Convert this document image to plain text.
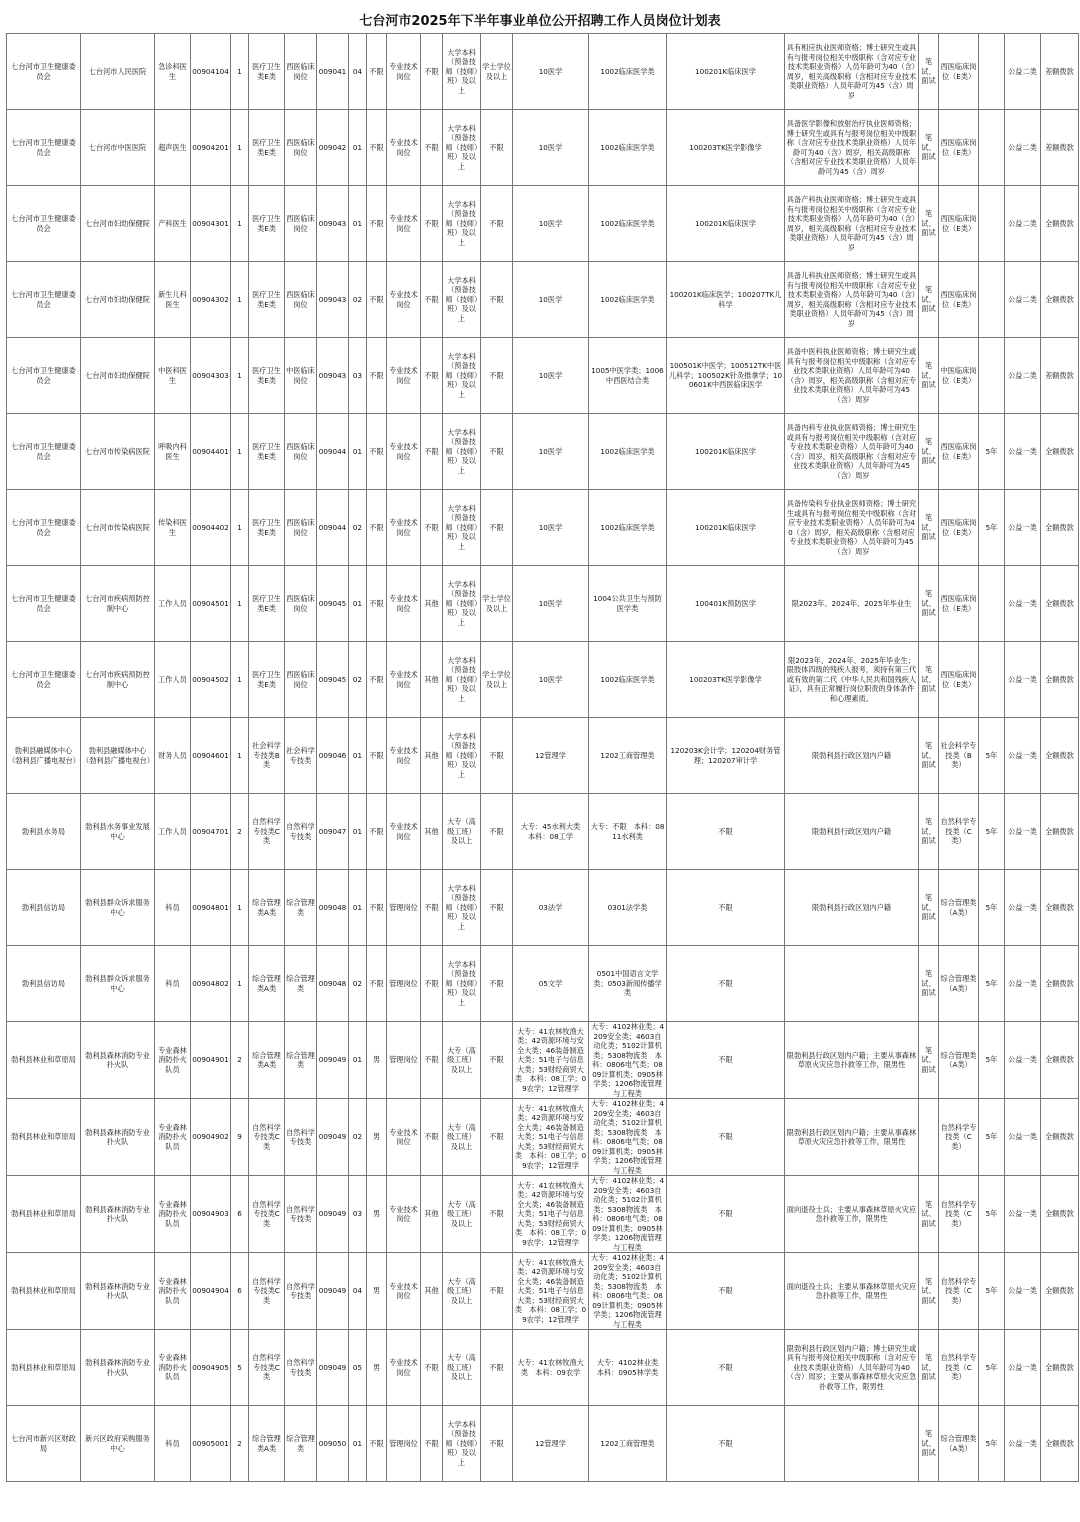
七台河市2025年下半年事业单位公开招聘工作人员岗位计划表
七台河市卫生健康委员会	七台河市人民医院	急诊科医生	00904104	1	医疗卫生类E类	西医临床岗位	009041	04	不限	专业技术岗位	不限	大学本科（预备技师（技师）班）及以上	学士学位及以上	10医学	1002临床医学类	100201K临床医学	具有相应执业医师资格；博士研究生或具有与报考岗位相关中级职称（含对应专业技术类职业资格）人员年龄可为40（含）周岁，相关高级职称（含相对应专业技术类职业资格）人员年龄可为45（含）周岁	笔试、面试	西医临床岗位（E类）		公益二类	差额拨款
七台河市卫生健康委员会	七台河市中医医院	超声医生	00904201	1	医疗卫生类E类	西医临床岗位	009042	01	不限	专业技术岗位	不限	大学本科（预备技师（技师）班）及以上	不限	10医学	1002临床医学类	100203TK医学影像学	具备医学影像和放射治疗执业医师资格；博士研究生或具有与报考岗位相关中级职称（含对应专业技术类职业资格）人员年龄可为40（含）周岁，相关高级职称（含相对应专业技术类职业资格）人员年龄可为45（含）周岁	笔试、面试	西医临床岗位（E类）		公益二类	差额拨款
七台河市卫生健康委员会	七台河市妇幼保健院	产科医生	00904301	1	医疗卫生类E类	西医临床岗位	009043	01	不限	专业技术岗位	不限	大学本科（预备技师（技师）班）及以上	不限	10医学	1002临床医学类	100201K临床医学	具备产科执业医师资格；博士研究生或具有与报考岗位相关中级职称（含对应专业技术类职业资格）人员年龄可为40（含）周岁，相关高级职称（含相对应专业技术类职业资格）人员年龄可为45（含）周岁	笔试、面试	西医临床岗位（E类）		公益二类	全额拨款
七台河市卫生健康委员会	七台河市妇幼保健院	新生儿科医生	00904302	1	医疗卫生类E类	西医临床岗位	009043	02	不限	专业技术岗位	不限	大学本科（预备技师（技师）班）及以上	不限	10医学	1002临床医学类	100201K临床医学；100207TK儿科学	具备儿科执业医师资格；博士研究生或具有与报考岗位相关中级职称（含对应专业技术类职业资格）人员年龄可为40（含）周岁，相关高级职称（含相对应专业技术类职业资格）人员年龄可为45（含）周岁	笔试、面试	西医临床岗位（E类）		公益二类	全额拨款
七台河市卫生健康委员会	七台河市妇幼保健院	中医科医生	00904303	1	医疗卫生类E类	中医临床岗位	009043	03	不限	专业技术岗位	不限	大学本科（预备技师（技师）班）及以上	不限	10医学	1005中医学类；1006中西医结合类	100501K中医学；100512TK中医儿科学；100502K针灸推拿学；100601K中西医临床医学	具备中医科执业医师资格；博士研究生或具有与报考岗位相关中级职称（含对应专业技术类职业资格）人员年龄可为40（含）周岁，相关高级职称（含相对应专业技术类职业资格）人员年龄可为45（含）周岁	笔试、面试	中医临床岗位（E类）		公益二类	差额拨款
七台河市卫生健康委员会	七台河市传染病医院	呼吸内科医生	00904401	1	医疗卫生类E类	西医临床岗位	009044	01	不限	专业技术岗位	不限	大学本科（预备技师（技师）班）及以上	不限	10医学	1002临床医学类	100201K临床医学	具备内科专业执业医师资格；博士研究生或具有与报考岗位相关中级职称（含对应专业技术类职业资格）人员年龄可为40（含）周岁，相关高级职称（含相对应专业技术类职业资格）人员年龄可为45（含）周岁	笔试、面试	西医临床岗位（E类）	5年	公益一类	全额拨款
七台河市卫生健康委员会	七台河市传染病医院	传染科医生	00904402	1	医疗卫生类E类	西医临床岗位	009044	02	不限	专业技术岗位	不限	大学本科（预备技师（技师）班）及以上	不限	10医学	1002临床医学类	100201K临床医学	具备传染科专业执业医师资格；博士研究生或具有与报考岗位相关中级职称（含对应专业技术类职业资格）人员年龄可为40（含）周岁，相关高级职称（含相对应专业技术类职业资格）人员年龄可为45（含）周岁	笔试、面试	西医临床岗位（E类）	5年	公益一类	全额拨款
七台河市卫生健康委员会	七台河市疾病预防控制中心	工作人员	00904501	1	医疗卫生类E类	西医临床岗位	009045	01	不限	专业技术岗位	其他	大学本科（预备技师（技师）班）及以上	学士学位及以上	10医学	1004公共卫生与预防医学类	100401K预防医学	限2023年、2024年、2025年毕业生	笔试、面试	西医临床岗位（E类）		公益一类	全额拨款
七台河市卫生健康委员会	七台河市疾病预防控制中心	工作人员	00904502	1	医疗卫生类E类	西医临床岗位	009045	02	不限	专业技术岗位	其他	大学本科（预备技师（技师）班）及以上	学士学位及以上	10医学	1002临床医学类	100203TK医学影像学	限2023年、2024年、2025年毕业生；限肢体四级的残疾人报考，须持有第三代或有效的第二代《中华人民共和国残疾人证》，具有正常履行岗位职责的身体条件和心理素质。	笔试、面试	西医临床岗位（E类）		公益一类	全额拨款
勃利县融媒体中心（勃利县广播电视台）	勃利县融媒体中心（勃利县广播电视台）	财务人员	00904601	1	社会科学专技类B类	社会科学专技类	009046	01	不限	专业技术岗位	其他	大学本科（预备技师（技师）班）及以上	不限	12管理学	1202工商管理类	120203K会计学；120204财务管理；120207审计学	限勃利县行政区划内户籍	笔试、面试	社会科学专技类（B类）	5年	公益一类	全额拨款
勃利县水务局	勃利县水务事业发展中心	工作人员	00904701	2	自然科学专技类C类	自然科学专技类	009047	01	不限	专业技术岗位	其他	大专（高级工班）及以上	不限	大专：45水利大类　本科：08工学	大专：不限　本科：0811水利类	不限	限勃利县行政区划内户籍	笔试、面试	自然科学专技类（C类）	5年	公益一类	全额拨款
勃利县信访局	勃利县群众诉求服务中心	科员	00904801	1	综合管理类A类	综合管理类	009048	01	不限	管理岗位	不限	大学本科（预备技师（技师）班）及以上	不限	03法学	0301法学类	不限	限勃利县行政区划内户籍	笔试、面试	综合管理类（A类）	5年	公益一类	全额拨款
勃利县信访局	勃利县群众诉求服务中心	科员	00904802	1	综合管理类A类	综合管理类	009048	02	不限	管理岗位	不限	大学本科（预备技师（技师）班）及以上	不限	05文学	0501中国语言文学类；0503新闻传播学类	不限		笔试、面试	综合管理类（A类）	5年	公益一类	全额拨款
勃利县林业和草原局	勃利县森林消防专业扑火队	专业森林消防扑火队员	00904901	2	综合管理类A类	综合管理类	009049	01	男	管理岗位	不限	大专（高级工班）及以上	不限	大专：41农林牧渔大类；42资源环境与安全大类；46装备制造大类；51电子与信息大类；53财经商贸大类　本科：08工学；09农学；12管理学	大专：4102林业类；4209安全类；4603自动化类；5102计算机类；5308物流类　本科：0806电气类；0809计算机类；0905林学类；1206物流管理与工程类	不限	限勃利县行政区划内户籍；主要从事森林草原火灾应急扑救等工作，限男性	笔试、面试	综合管理类（A类）	5年	公益一类	全额拨款
勃利县林业和草原局	勃利县森林消防专业扑火队	专业森林消防扑火队员	00904902	9	自然科学专技类C类	自然科学专技类	009049	02	男	专业技术岗位	不限	大专（高级工班）及以上	不限	大专：41农林牧渔大类；42资源环境与安全大类；46装备制造大类；51电子与信息大类；53财经商贸大类　本科：08工学；09农学；12管理学	大专：4102林业类；4209安全类；4603自动化类；5102计算机类；5308物流类　本科：0806电气类；0809计算机类；0905林学类；1206物流管理与工程类	不限	限勃利县行政区划内户籍；主要从事森林草原火灾应急扑救等工作，限男性		自然科学专技类（C类）	5年	公益一类	全额拨款
勃利县林业和草原局	勃利县森林消防专业扑火队	专业森林消防扑火队员	00904903	6	自然科学专技类C类	自然科学专技类	009049	03	男	专业技术岗位	其他	大专（高级工班）及以上	不限	大专：41农林牧渔大类；42资源环境与安全大类；46装备制造大类；51电子与信息大类；53财经商贸大类　本科：08工学；09农学；12管理学	大专：4102林业类；4209安全类；4603自动化类；5102计算机类；5308物流类　本科：0806电气类；0809计算机类；0905林学类；1206物流管理与工程类	不限	面向退役士兵；主要从事森林草原火灾应急扑救等工作，限男性	笔试、面试	自然科学专技类（C类）	5年	公益一类	全额拨款
勃利县林业和草原局	勃利县森林消防专业扑火队	专业森林消防扑火队员	00904904	6	自然科学专技类C类	自然科学专技类	009049	04	男	专业技术岗位	其他	大专（高级工班）及以上	不限	大专：41农林牧渔大类；42资源环境与安全大类；46装备制造大类；51电子与信息大类；53财经商贸大类　本科：08工学；09农学；12管理学	大专：4102林业类；4209安全类；4603自动化类；5102计算机类；5308物流类　本科：0806电气类；0809计算机类；0905林学类；1206物流管理与工程类	不限	面向退役士兵；主要从事森林草原火灾应急扑救等工作，限男性	笔试、面试	自然科学专技类（C类）	5年	公益一类	全额拨款
勃利县林业和草原局	勃利县森林消防专业扑火队	专业森林消防扑火队员	00904905	5	自然科学专技类C类	自然科学专技类	009049	05	男	专业技术岗位	不限	大专（高级工班）及以上	不限	大专：41农林牧渔大类　本科：09农学	大专：4102林业类　本科：0905林学类	不限	限勃利县行政区划内户籍；博士研究生或具有与报考岗位相关中级职称（含对应专业技术类职业资格）人员年龄可为40（含）周岁；主要从事森林草原火灾应急扑救等工作，限男性	笔试、面试	自然科学专技类（C类）	5年	公益一类	全额拨款
七台河市新兴区财政局	新兴区政府采购服务中心	科员	00905001	2	综合管理类A类	综合管理类	009050	01	不限	管理岗位	不限	大学本科（预备技师（技师）班）及以上	不限	12管理学	1202工商管理类	不限		笔试、面试	综合管理类（A类）	5年	公益一类	全额拨款
